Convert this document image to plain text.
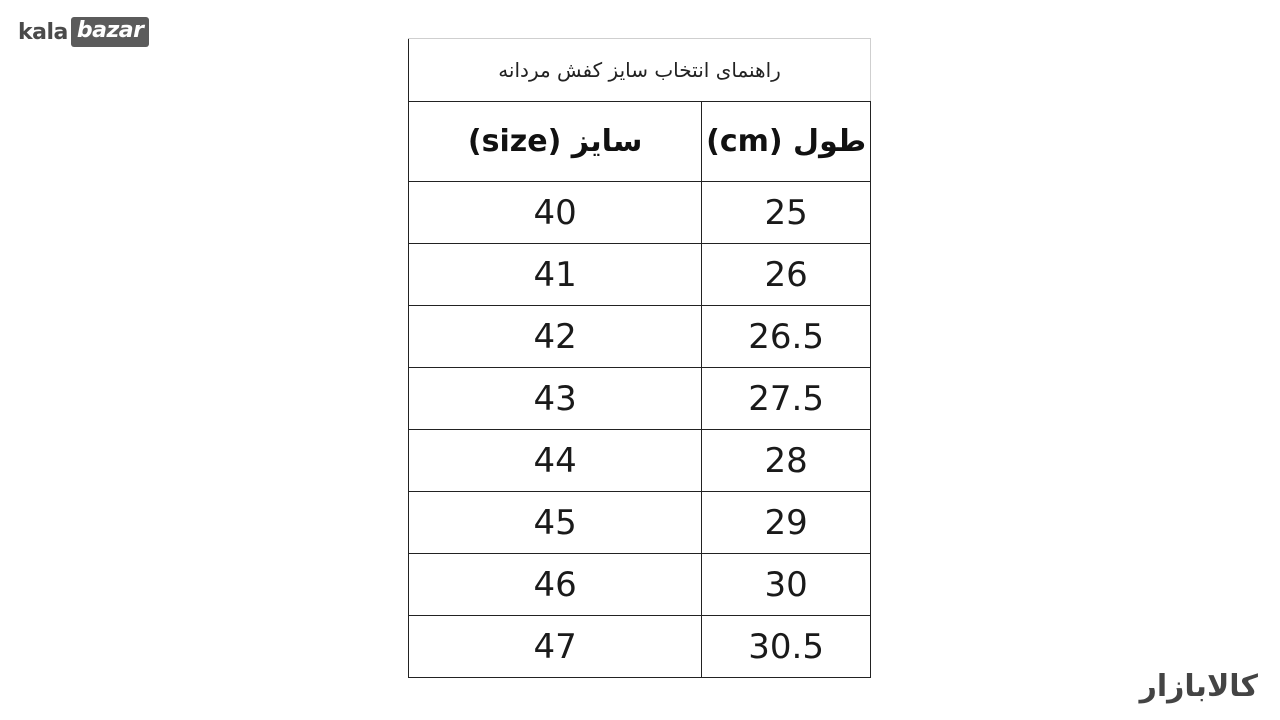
kala bazar
راهنمای انتخاب سایز کفش مردانه	
سایز (size)	طول (cm)
40	25
41	26
42	26.5
43	27.5
44	28
45	29
46	30
47	30.5
کالابازار
